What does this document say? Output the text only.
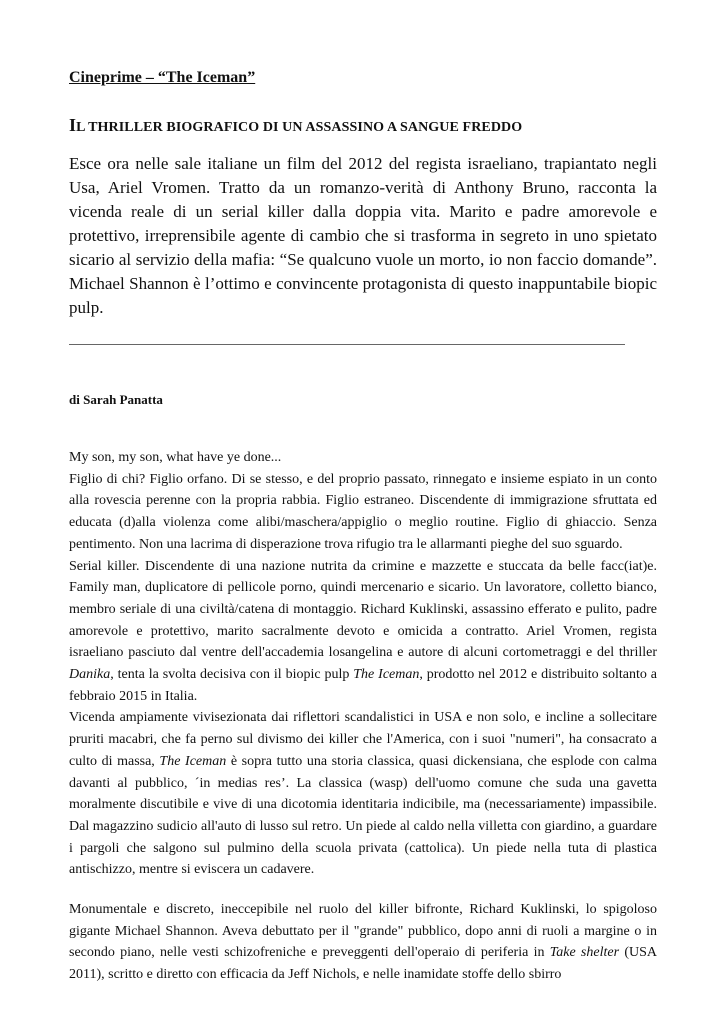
Cineprime – “The Iceman”
IL THRILLER BIOGRAFICO DI UN ASSASSINO A SANGUE FREDDO

Esce ora nelle sale italiane un film del 2012 del regista israeliano, trapiantato negli Usa, Ariel Vromen. Tratto da un romanzo-verità di Anthony Bruno, racconta la vicenda reale di un serial killer dalla doppia vita. Marito e padre amorevole e protettivo, irreprensibile agente di cambio che si trasforma in segreto in uno spietato sicario al servizio della mafia: “Se qualcuno vuole un morto, io non faccio domande”. Michael Shannon è l’ottimo e convincente protagonista di questo inappuntabile biopic pulp.

di Sarah Panatta

My son, my son, what have ye done...

Figlio di chi? Figlio orfano. Di se stesso, e del proprio passato, rinnegato e insieme espiato in un conto alla rovescia perenne con la propria rabbia. Figlio estraneo. Discendente di immigrazione sfruttata ed educata (d)alla violenza come alibi/maschera/appiglio o meglio routine. Figlio di ghiaccio. Senza pentimento. Non una lacrima di disperazione trova rifugio tra le allarmanti pieghe del suo sguardo.

Serial killer. Discendente di una nazione nutrita da crimine e mazzette e stuccata da belle facc(iat)e. Family man, duplicatore di pellicole porno, quindi mercenario e sicario. Un lavoratore, colletto bianco, membro seriale di una civiltà/catena di montaggio. Richard Kuklinski, assassino efferato e pulito, padre amorevole e protettivo, marito sacralmente devoto e omicida a contratto. Ariel Vromen, regista israeliano pasciuto dal ventre dell'accademia losangelina e autore di alcuni cortometraggi e del thriller Danika, tenta la svolta decisiva con il biopic pulp The Iceman, prodotto nel 2012 e distribuito soltanto a febbraio 2015 in Italia.

Vicenda ampiamente vivisezionata dai riflettori scandalistici in USA e non solo, e incline a sollecitare pruriti macabri, che fa perno sul divismo dei killer che l'America, con i suoi "numeri", ha consacrato a culto di massa, The Iceman è sopra tutto una storia classica, quasi dickensiana, che esplode con calma davanti al pubblico, ´in medias res’. La classica (wasp) dell'uomo comune che suda una gavetta moralmente discutibile e vive di una dicotomia identitaria indicibile, ma (necessariamente) impassibile. Dal magazzino sudicio all'auto di lusso sul retro. Un piede al caldo nella villetta con giardino, a guardare i pargoli che salgono sul pulmino della scuola privata (cattolica). Un piede nella tuta di plastica antischizzo, mentre si eviscera un cadavere.

Monumentale e discreto, ineccepibile nel ruolo del killer bifronte, Richard Kuklinski, lo spigoloso gigante Michael Shannon. Aveva debuttato per il "grande" pubblico, dopo anni di ruoli a margine o in secondo piano, nelle vesti schizofreniche e preveggenti dell'operaio di periferia in Take shelter (USA 2011), scritto e diretto con efficacia da Jeff Nichols, e nelle inamidate stoffe dello sbirro
